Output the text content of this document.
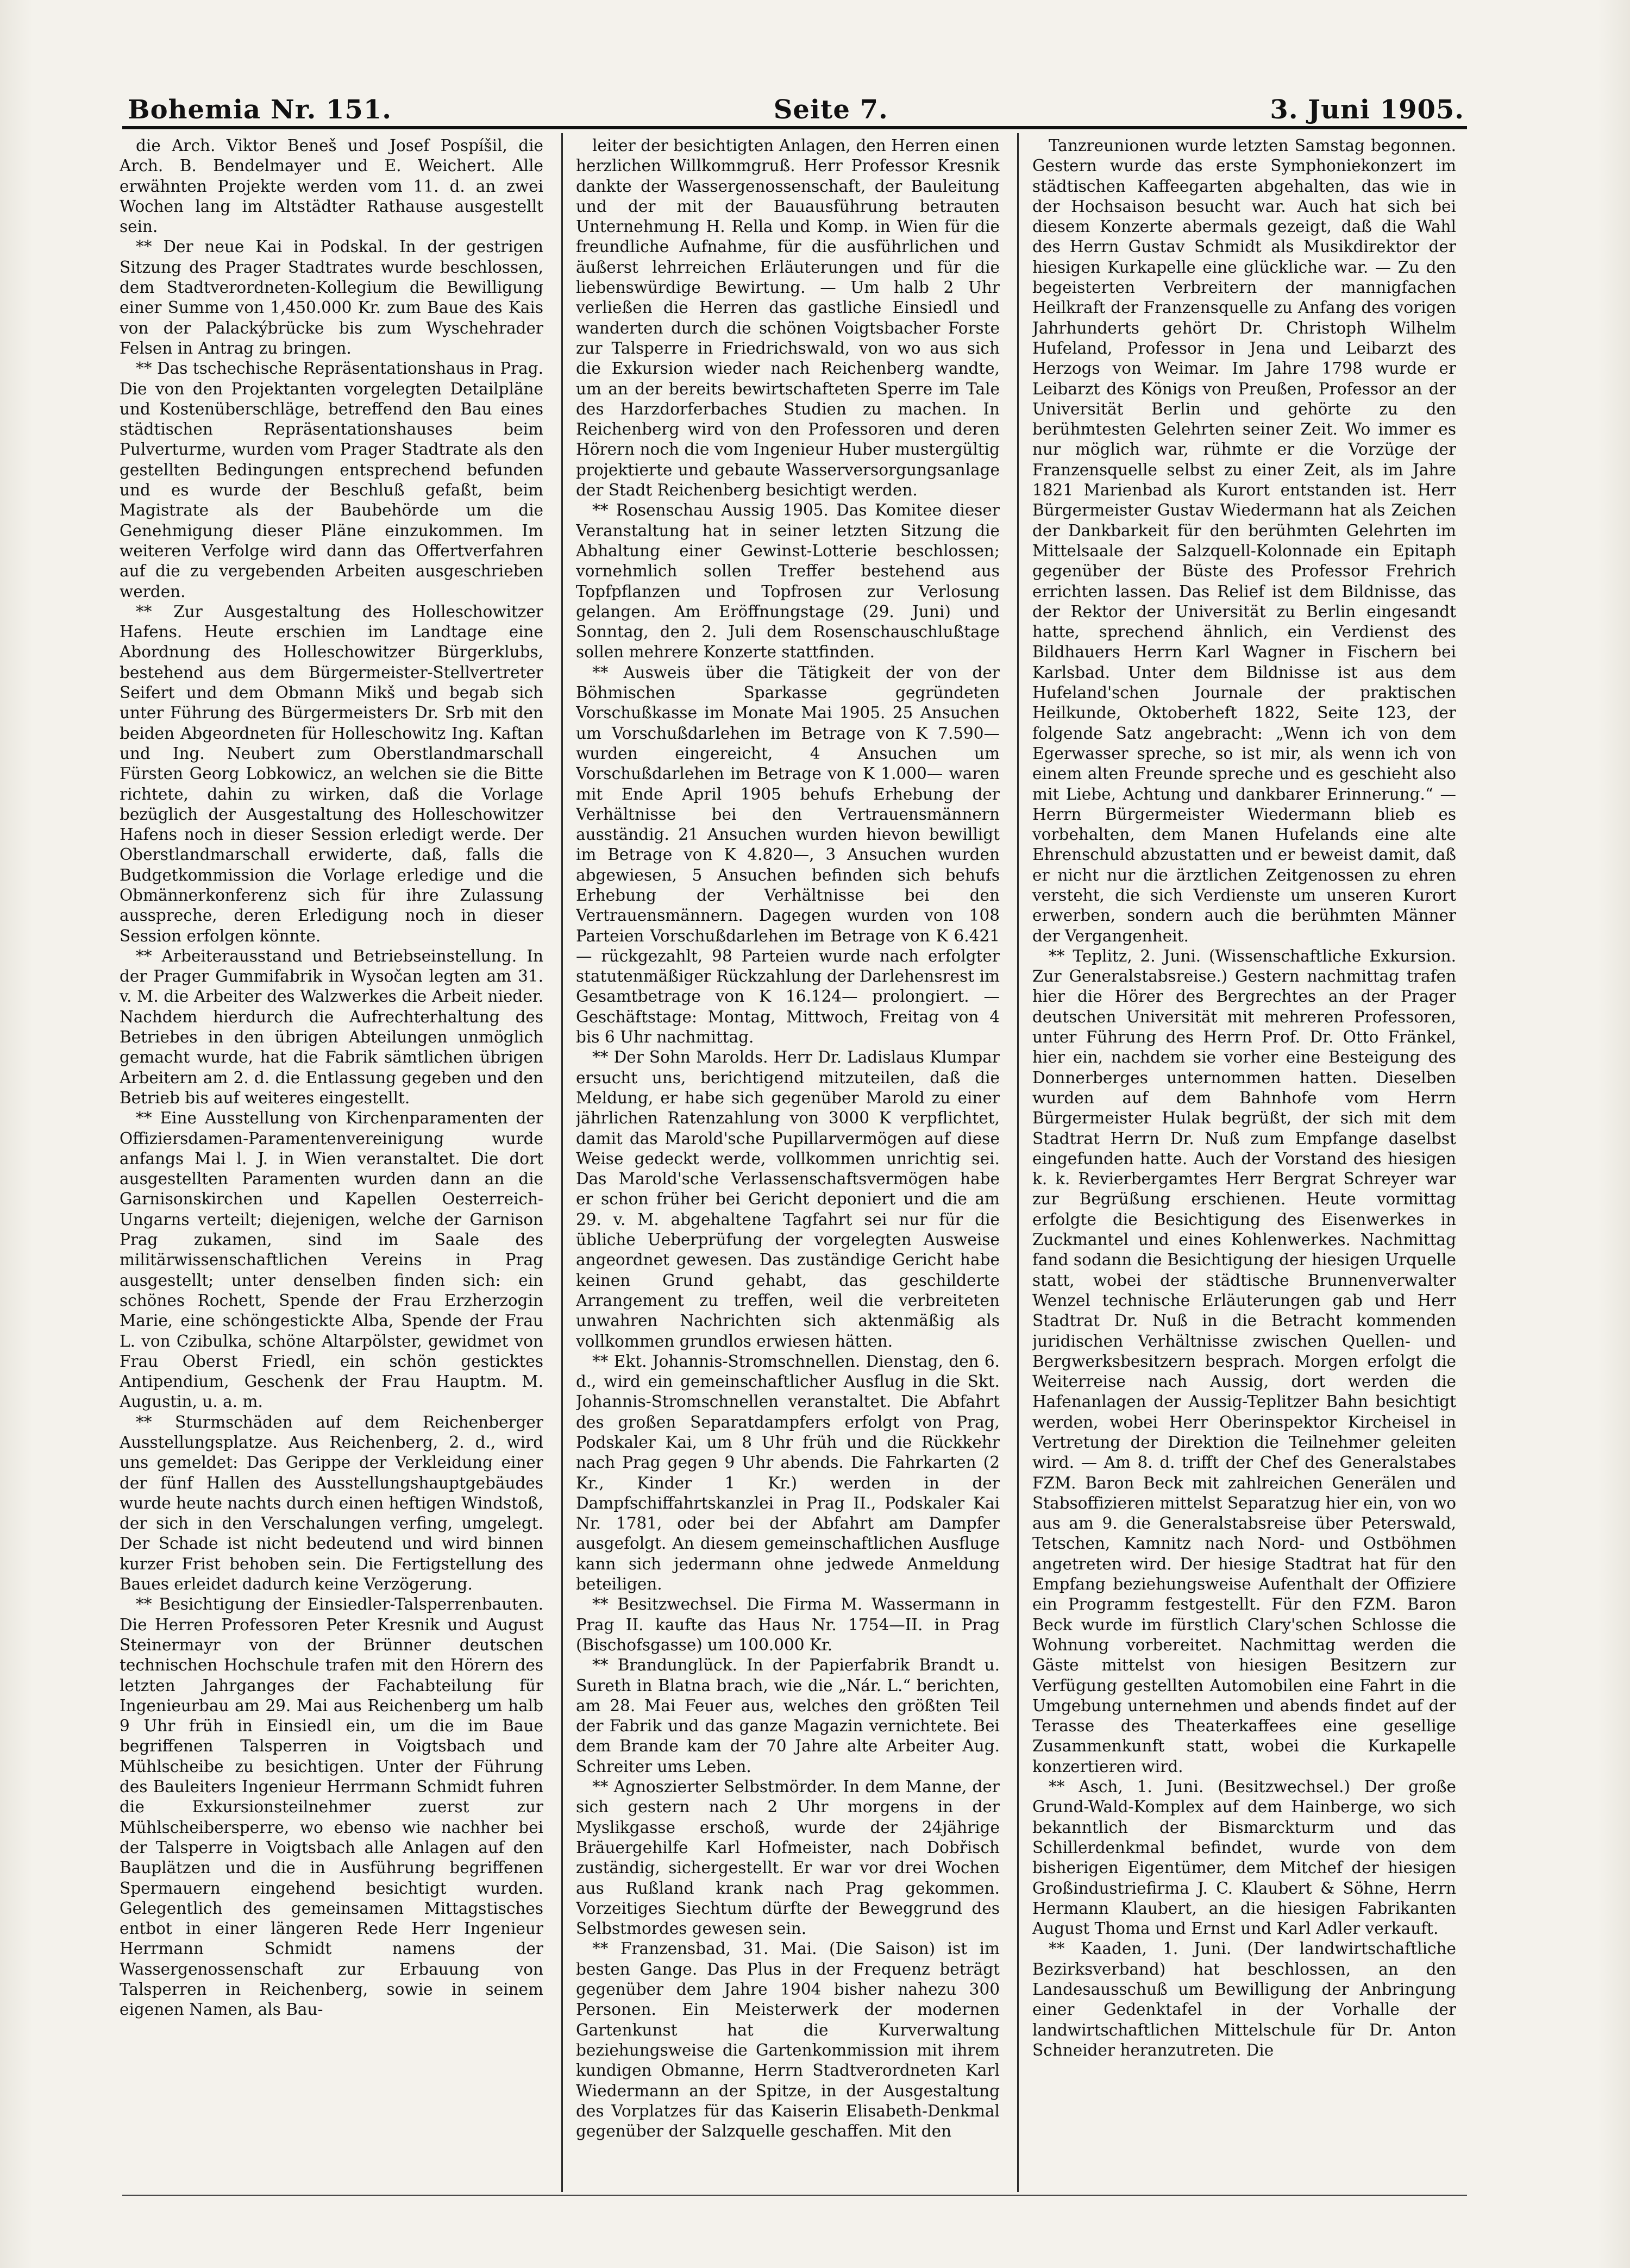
Bohemia Nr. 151.	Seite 7.	3. Juni 1905.

die Arch. Viktor Beneš und Josef Pospíšil, die Arch. B. Bendelmayer und E. Weichert. Alle erwähnten Projekte werden vom 11. d. an zwei Wochen lang im Altstädter Rathause ausgestellt sein.

** Der neue Kai in Podskal. In der gestrigen Sitzung des Prager Stadtrates wurde beschlossen, dem Stadtverordneten-Kollegium die Bewilligung einer Summe von 1,450.000 Kr. zum Baue des Kais von der Palackýbrücke bis zum Wyschehrader Felsen in Antrag zu bringen.

** Das tschechische Repräsentationshaus in Prag. Die von den Projektanten vorgelegten Detailpläne und Kostenüberschläge, betreffend den Bau eines städtischen Repräsentationshauses beim Pulverturme, wurden vom Prager Stadtrate als den gestellten Bedingungen entsprechend befunden und es wurde der Beschluß gefaßt, beim Magistrate als der Baubehörde um die Genehmigung dieser Pläne einzukommen. Im weiteren Verfolge wird dann das Offertverfahren auf die zu vergebenden Arbeiten ausgeschrieben werden.

** Zur Ausgestaltung des Holleschowitzer Hafens. Heute erschien im Landtage eine Abordnung des Holleschowitzer Bürgerklubs, bestehend aus dem Bürgermeister-Stellvertreter Seifert und dem Obmann Mikš und begab sich unter Führung des Bürgermeisters Dr. Srb mit den beiden Abgeordneten für Holleschowitz Ing. Kaftan und Ing. Neubert zum Oberstlandmarschall Fürsten Georg Lobkowicz, an welchen sie die Bitte richtete, dahin zu wirken, daß die Vorlage bezüglich der Ausgestaltung des Holleschowitzer Hafens noch in dieser Session erledigt werde. Der Oberstlandmarschall erwiderte, daß, falls die Budgetkommission die Vorlage erledige und die Obmännerkonferenz sich für ihre Zulassung ausspreche, deren Erledigung noch in dieser Session erfolgen könnte.

** Arbeiterausstand und Betriebseinstellung. In der Prager Gummifabrik in Wysočan legten am 31. v. M. die Arbeiter des Walzwerkes die Arbeit nieder. Nachdem hierdurch die Aufrechterhaltung des Betriebes in den übrigen Abteilungen unmöglich gemacht wurde, hat die Fabrik sämtlichen übrigen Arbeitern am 2. d. die Entlassung gegeben und den Betrieb bis auf weiteres eingestellt.

** Eine Ausstellung von Kirchenparamenten der Offiziersdamen-Paramentenvereinigung wurde anfangs Mai l. J. in Wien veranstaltet. Die dort ausgestellten Paramenten wurden dann an die Garnisonskirchen und Kapellen Oesterreich-Ungarns verteilt; diejenigen, welche der Garnison Prag zukamen, sind im Saale des militärwissenschaftlichen Vereins in Prag ausgestellt; unter denselben finden sich: ein schönes Rochett, Spende der Frau Erzherzogin Marie, eine schöngestickte Alba, Spende der Frau L. von Czibulka, schöne Altarpölster, gewidmet von Frau Oberst Friedl, ein schön gesticktes Antipendium, Geschenk der Frau Hauptm. M. Augustin, u. a. m.

** Sturmschäden auf dem Reichenberger Ausstellungsplatze. Aus Reichenberg, 2. d., wird uns gemeldet: Das Gerippe der Verkleidung einer der fünf Hallen des Ausstellungshauptgebäudes wurde heute nachts durch einen heftigen Windstoß, der sich in den Verschalungen verfing, umgelegt. Der Schade ist nicht bedeutend und wird binnen kurzer Frist behoben sein. Die Fertigstellung des Baues erleidet dadurch keine Verzögerung.

** Besichtigung der Einsiedler-Talsperrenbauten. Die Herren Professoren Peter Kresnik und August Steinermayr von der Brünner deutschen technischen Hochschule trafen mit den Hörern des letzten Jahrganges der Fachabteilung für Ingenieurbau am 29. Mai aus Reichenberg um halb 9 Uhr früh in Einsiedl ein, um die im Baue begriffenen Talsperren in Voigtsbach und Mühlscheibe zu besichtigen. Unter der Führung des Bauleiters Ingenieur Herrmann Schmidt fuhren die Exkursionsteilnehmer zuerst zur Mühlscheibersperre, wo ebenso wie nachher bei der Talsperre in Voigtsbach alle Anlagen auf den Bauplätzen und die in Ausführung begriffenen Spermauern eingehend besichtigt wurden. Gelegentlich des gemeinsamen Mittagstisches entbot in einer längeren Rede Herr Ingenieur Herrmann Schmidt namens der Wassergenossenschaft zur Erbauung von Talsperren in Reichenberg, sowie in seinem eigenen Namen, als Bau-

leiter der besichtigten Anlagen, den Herren einen herzlichen Willkommgruß. Herr Professor Kresnik dankte der Wassergenossenschaft, der Bauleitung und der mit der Bauausführung betrauten Unternehmung H. Rella und Komp. in Wien für die freundliche Aufnahme, für die ausführlichen und äußerst lehrreichen Erläuterungen und für die liebenswürdige Bewirtung. — Um halb 2 Uhr verließen die Herren das gastliche Einsiedl und wanderten durch die schönen Voigtsbacher Forste zur Talsperre in Friedrichswald, von wo aus sich die Exkursion wieder nach Reichenberg wandte, um an der bereits bewirtschafteten Sperre im Tale des Harzdorferbaches Studien zu machen. In Reichenberg wird von den Professoren und deren Hörern noch die vom Ingenieur Huber mustergültig projektierte und gebaute Wasserversorgungsanlage der Stadt Reichenberg besichtigt werden.

** Rosenschau Aussig 1905. Das Komitee dieser Veranstaltung hat in seiner letzten Sitzung die Abhaltung einer Gewinst-Lotterie beschlossen; vornehmlich sollen Treffer bestehend aus Topfpflanzen und Topfrosen zur Verlosung gelangen. Am Eröffnungstage (29. Juni) und Sonntag, den 2. Juli dem Rosenschauschlußtage sollen mehrere Konzerte stattfinden.

** Ausweis über die Tätigkeit der von der Böhmischen Sparkasse gegründeten Vorschußkasse im Monate Mai 1905. 25 Ansuchen um Vorschußdarlehen im Betrage von K 7.590— wurden eingereicht, 4 Ansuchen um Vorschußdarlehen im Betrage von K 1.000— waren mit Ende April 1905 behufs Erhebung der Verhältnisse bei den Vertrauensmännern ausständig. 21 Ansuchen wurden hievon bewilligt im Betrage von K 4.820—, 3 Ansuchen wurden abgewiesen, 5 Ansuchen befinden sich behufs Erhebung der Verhältnisse bei den Vertrauensmännern. Dagegen wurden von 108 Parteien Vorschußdarlehen im Betrage von K 6.421— rückgezahlt, 98 Parteien wurde nach erfolgter statutenmäßiger Rückzahlung der Darlehensrest im Gesamtbetrage von K 16.124— prolongiert. — Geschäftstage: Montag, Mittwoch, Freitag von 4 bis 6 Uhr nachmittag.

** Der Sohn Marolds. Herr Dr. Ladislaus Klumpar ersucht uns, berichtigend mitzuteilen, daß die Meldung, er habe sich gegenüber Marold zu einer jährlichen Ratenzahlung von 3000 K verpflichtet, damit das Marold'sche Pupillarvermögen auf diese Weise gedeckt werde, vollkommen unrichtig sei. Das Marold'sche Verlassenschaftsvermögen habe er schon früher bei Gericht deponiert und die am 29. v. M. abgehaltene Tagfahrt sei nur für die übliche Ueberprüfung der vorgelegten Ausweise angeordnet gewesen. Das zuständige Gericht habe keinen Grund gehabt, das geschilderte Arrangement zu treffen, weil die verbreiteten unwahren Nachrichten sich aktenmäßig als vollkommen grundlos erwiesen hätten.

** Ekt. Johannis-Stromschnellen. Dienstag, den 6. d., wird ein gemeinschaftlicher Ausflug in die Skt. Johannis-Stromschnellen veranstaltet. Die Abfahrt des großen Separatdampfers erfolgt von Prag, Podskaler Kai, um 8 Uhr früh und die Rückkehr nach Prag gegen 9 Uhr abends. Die Fahrkarten (2 Kr., Kinder 1 Kr.) werden in der Dampfschiffahrtskanzlei in Prag II., Podskaler Kai Nr. 1781, oder bei der Abfahrt am Dampfer ausgefolgt. An diesem gemeinschaftlichen Ausfluge kann sich jedermann ohne jedwede Anmeldung beteiligen.

** Besitzwechsel. Die Firma M. Wassermann in Prag II. kaufte das Haus Nr. 1754—II. in Prag (Bischofsgasse) um 100.000 Kr.

** Brandunglück. In der Papierfabrik Brandt u. Sureth in Blatna brach, wie die „Nár. L.“ berichten, am 28. Mai Feuer aus, welches den größten Teil der Fabrik und das ganze Magazin vernichtete. Bei dem Brande kam der 70 Jahre alte Arbeiter Aug. Schreiter ums Leben.

** Agnoszierter Selbstmörder. In dem Manne, der sich gestern nach 2 Uhr morgens in der Myslikgasse erschoß, wurde der 24jährige Bräuergehilfe Karl Hofmeister, nach Dobřisch zuständig, sichergestellt. Er war vor drei Wochen aus Rußland krank nach Prag gekommen. Vorzeitiges Siechtum dürfte der Beweggrund des Selbstmordes gewesen sein.

** Franzensbad, 31. Mai. (Die Saison) ist im besten Gange. Das Plus in der Frequenz beträgt gegenüber dem Jahre 1904 bisher nahezu 300 Personen. Ein Meisterwerk der modernen Gartenkunst hat die Kurverwaltung beziehungsweise die Gartenkommission mit ihrem kundigen Obmanne, Herrn Stadtverordneten Karl Wiedermann an der Spitze, in der Ausgestaltung des Vorplatzes für das Kaiserin Elisabeth-Denkmal gegenüber der Salzquelle geschaffen. Mit den

Tanzreunionen wurde letzten Samstag begonnen. Gestern wurde das erste Symphoniekonzert im städtischen Kaffeegarten abgehalten, das wie in der Hochsaison besucht war. Auch hat sich bei diesem Konzerte abermals gezeigt, daß die Wahl des Herrn Gustav Schmidt als Musikdirektor der hiesigen Kurkapelle eine glückliche war. — Zu den begeisterten Verbreitern der mannigfachen Heilkraft der Franzensquelle zu Anfang des vorigen Jahrhunderts gehört Dr. Christoph Wilhelm Hufeland, Professor in Jena und Leibarzt des Herzogs von Weimar. Im Jahre 1798 wurde er Leibarzt des Königs von Preußen, Professor an der Universität Berlin und gehörte zu den berühmtesten Gelehrten seiner Zeit. Wo immer es nur möglich war, rühmte er die Vorzüge der Franzensquelle selbst zu einer Zeit, als im Jahre 1821 Marienbad als Kurort entstanden ist. Herr Bürgermeister Gustav Wiedermann hat als Zeichen der Dankbarkeit für den berühmten Gelehrten im Mittelsaale der Salzquell-Kolonnade ein Epitaph gegenüber der Büste des Professor Frehrich errichten lassen. Das Relief ist dem Bildnisse, das der Rektor der Universität zu Berlin eingesandt hatte, sprechend ähnlich, ein Verdienst des Bildhauers Herrn Karl Wagner in Fischern bei Karlsbad. Unter dem Bildnisse ist aus dem Hufeland'schen Journale der praktischen Heilkunde, Oktoberheft 1822, Seite 123, der folgende Satz angebracht: „Wenn ich von dem Egerwasser spreche, so ist mir, als wenn ich von einem alten Freunde spreche und es geschieht also mit Liebe, Achtung und dankbarer Erinnerung.“ — Herrn Bürgermeister Wiedermann blieb es vorbehalten, dem Manen Hufelands eine alte Ehrenschuld abzustatten und er beweist damit, daß er nicht nur die ärztlichen Zeitgenossen zu ehren versteht, die sich Verdienste um unseren Kurort erwerben, sondern auch die berühmten Männer der Vergangenheit.

** Teplitz, 2. Juni. (Wissenschaftliche Exkursion. Zur Generalstabsreise.) Gestern nachmittag trafen hier die Hörer des Bergrechtes an der Prager deutschen Universität mit mehreren Professoren, unter Führung des Herrn Prof. Dr. Otto Fränkel, hier ein, nachdem sie vorher eine Besteigung des Donnerberges unternommen hatten. Dieselben wurden auf dem Bahnhofe vom Herrn Bürgermeister Hulak begrüßt, der sich mit dem Stadtrat Herrn Dr. Nuß zum Empfange daselbst eingefunden hatte. Auch der Vorstand des hiesigen k. k. Revierbergamtes Herr Bergrat Schreyer war zur Begrüßung erschienen. Heute vormittag erfolgte die Besichtigung des Eisenwerkes in Zuckmantel und eines Kohlenwerkes. Nachmittag fand sodann die Besichtigung der hiesigen Urquelle statt, wobei der städtische Brunnenverwalter Wenzel technische Erläuterungen gab und Herr Stadtrat Dr. Nuß in die Betracht kommenden juridischen Verhältnisse zwischen Quellen- und Bergwerksbesitzern besprach. Morgen erfolgt die Weiterreise nach Aussig, dort werden die Hafenanlagen der Aussig-Teplitzer Bahn besichtigt werden, wobei Herr Oberinspektor Kircheisel in Vertretung der Direktion die Teilnehmer geleiten wird. — Am 8. d. trifft der Chef des Generalstabes FZM. Baron Beck mit zahlreichen Generälen und Stabsoffizieren mittelst Separatzug hier ein, von wo aus am 9. die Generalstabsreise über Peterswald, Tetschen, Kamnitz nach Nord- und Ostböhmen angetreten wird. Der hiesige Stadtrat hat für den Empfang beziehungsweise Aufenthalt der Offiziere ein Programm festgestellt. Für den FZM. Baron Beck wurde im fürstlich Clary'schen Schlosse die Wohnung vorbereitet. Nachmittag werden die Gäste mittelst von hiesigen Besitzern zur Verfügung gestellten Automobilen eine Fahrt in die Umgebung unternehmen und abends findet auf der Terasse des Theaterkaffees eine gesellige Zusammenkunft statt, wobei die Kurkapelle konzertieren wird.

** Asch, 1. Juni. (Besitzwechsel.) Der große Grund-Wald-Komplex auf dem Hainberge, wo sich bekanntlich der Bismarckturm und das Schillerdenkmal befindet, wurde von dem bisherigen Eigentümer, dem Mitchef der hiesigen Großindustriefirma J. C. Klaubert & Söhne, Herrn Hermann Klaubert, an die hiesigen Fabrikanten August Thoma und Ernst und Karl Adler verkauft.

** Kaaden, 1. Juni. (Der landwirtschaftliche Bezirksverband) hat beschlossen, an den Landesausschuß um Bewilligung der Anbringung einer Gedenktafel in der Vorhalle der landwirtschaftlichen Mittelschule für Dr. Anton Schneider heranzutreten. Die
